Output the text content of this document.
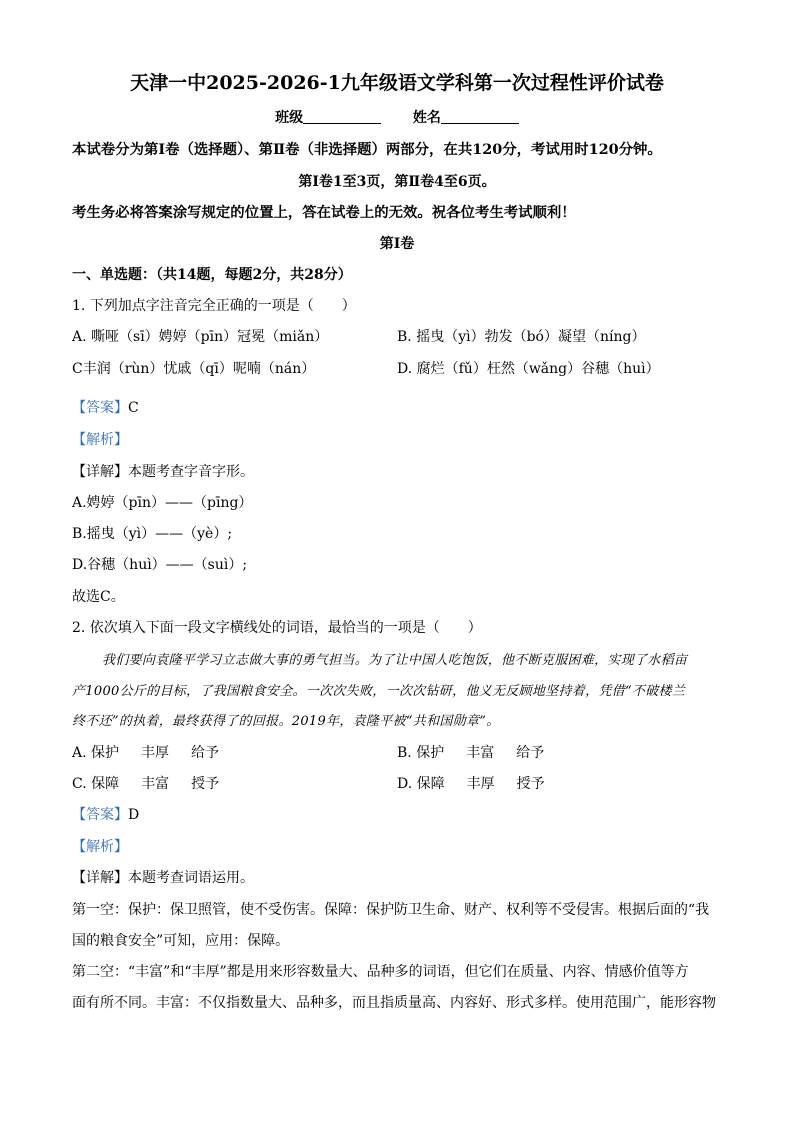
天津一中2025-2026-1九年级语文学科第一次过程性评价试卷
班级	姓名
本试卷分为第Ⅰ卷（选择题）、第Ⅱ卷（非选择题）两部分，在共120分，考试用时120分钟。
第Ⅰ卷1至3页，第Ⅱ卷4至6页。
考生务必将答案涂写规定的位置上，答在试卷上的无效。祝各位考生考试顺利！
第Ⅰ卷
一、单选题：（共14题，每题2分，共28分）
1. 下列加点字注音完全正确的一项是（　　）
A. 嘶哑（sī）娉婷（pīn）冠冕（miǎn）	B. 摇曳（yì）勃发（bó）凝望（níng）
C丰润（rùn）忧戚（qī）呢喃（nán）	D. 腐烂（fǔ）枉然（wǎng）谷穗（huì）
【答案】C
【解析】
【详解】本题考查字音字形。
A.娉婷（pīn）——（pīng）
B.摇曳（yì）——（yè）;
D.谷穗（huì）——（suì）;
故选C。
2. 依次填入下面一段文字横线处的词语，最恰当的一项是（　　）
我们要向袁隆平学习立志做大事的勇气担当。为了让中国人吃饱饭，他不断克服困难，实现了水稻亩
产1000公斤的目标，了我国粮食安全。一次次失败，一次次钻研，他义无反顾地坚持着，凭借“不破楼兰
终不还”的执着，最终获得了的回报。2019年，袁隆平被“共和国勋章”。
A. 保护 丰厚 给予	B. 保护 丰富 给予
C. 保障 丰富 授予	D. 保障 丰厚 授予
【答案】D
【解析】
【详解】本题考查词语运用。
第一空：保护：保卫照管，使不受伤害。保障：保护防卫生命、财产、权利等不受侵害。根据后面的“我
国的粮食安全”可知，应用：保障。
第二空：“丰富”和“丰厚”都是用来形容数量大、品种多的词语，但它们在质量、内容、情感价值等方
面有所不同。丰富：不仅指数量大、品种多，而且指质量高、内容好、形式多样。使用范围广，能形容物
